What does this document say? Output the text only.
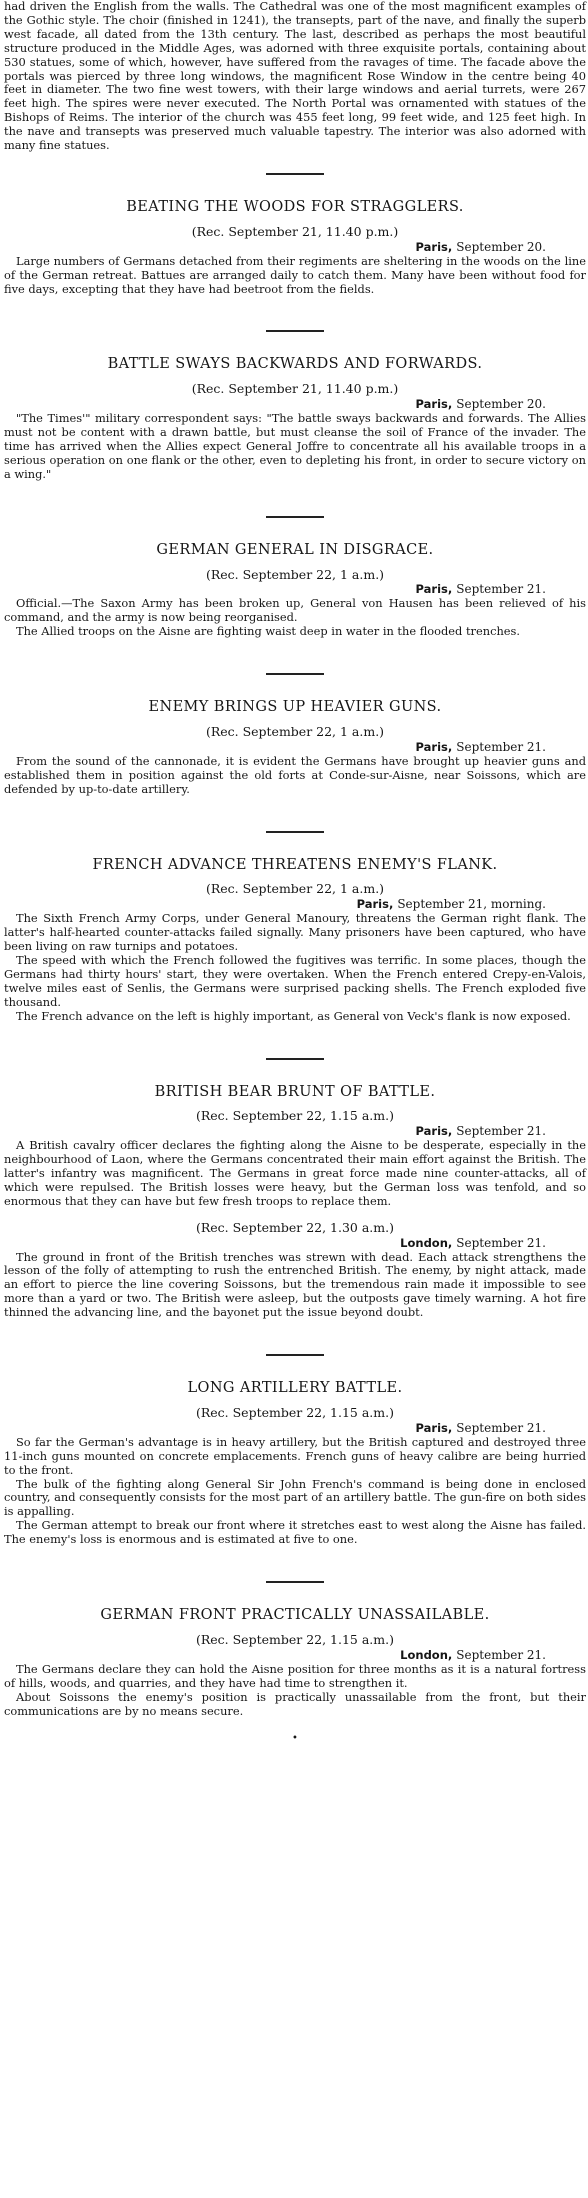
had driven the English from the walls. The Cathedral was one of the most magnificent examples of the Gothic style. The choir (finished in 1241), the transepts, part of the nave, and finally the superb west facade, all dated from the 13th century. The last, described as perhaps the most beautiful structure produced in the Middle Ages, was adorned with three exquisite portals, containing about 530 statues, some of which, however, have suffered from the ravages of time. The facade above the portals was pierced by three long windows, the magnificent Rose Window in the centre being 40 feet in diameter. The two fine west towers, with their large windows and aerial turrets, were 267 feet high. The spires were never executed. The North Portal was ornamented with statues of the Bishops of Reims. The interior of the church was 455 feet long, 99 feet wide, and 125 feet high. In the nave and transepts was preserved much valuable tapestry. The interior was also adorned with many fine statues.

BEATING THE WOODS FOR STRAGGLERS.
(Rec. September 21, 11.40 p.m.)

Paris, September 20.

Large numbers of Germans detached from their regiments are sheltering in the woods on the line of the German retreat. Battues are arranged daily to catch them. Many have been without food for five days, excepting that they have had beetroot from the fields.

BATTLE SWAYS BACKWARDS AND FORWARDS.
(Rec. September 21, 11.40 p.m.)

Paris, September 20.

"The Times'" military correspondent says: "The battle sways backwards and forwards. The Allies must not be content with a drawn battle, but must cleanse the soil of France of the invader. The time has arrived when the Allies expect General Joffre to concentrate all his available troops in a serious operation on one flank or the other, even to depleting his front, in order to secure victory on a wing."

GERMAN GENERAL IN DISGRACE.
(Rec. September 22, 1 a.m.)

Paris, September 21.

Official.—The Saxon Army has been broken up, General von Hausen has been relieved of his command, and the army is now being reorganised.

The Allied troops on the Aisne are fighting waist deep in water in the flooded trenches.

ENEMY BRINGS UP HEAVIER GUNS.
(Rec. September 22, 1 a.m.)

Paris, September 21.

From the sound of the cannonade, it is evident the Germans have brought up heavier guns and established them in position against the old forts at Conde-sur-Aisne, near Soissons, which are defended by up-to-date artillery.

FRENCH ADVANCE THREATENS ENEMY'S FLANK.
(Rec. September 22, 1 a.m.)

Paris, September 21, morning.

The Sixth French Army Corps, under General Manoury, threatens the German right flank. The latter's half-hearted counter-attacks failed signally. Many prisoners have been captured, who have been living on raw turnips and potatoes.

The speed with which the French followed the fugitives was terrific. In some places, though the Germans had thirty hours' start, they were overtaken. When the French entered Crepy-en-Valois, twelve miles east of Senlis, the Germans were surprised packing shells. The French exploded five thousand.

The French advance on the left is highly important, as General von Veck's flank is now exposed.

BRITISH BEAR BRUNT OF BATTLE.
(Rec. September 22, 1.15 a.m.)

Paris, September 21.

A British cavalry officer declares the fighting along the Aisne to be desperate, especially in the neighbourhood of Laon, where the Germans concentrated their main effort against the British. The latter's infantry was magnificent. The Germans in great force made nine counter-attacks, all of which were repulsed. The British losses were heavy, but the German loss was tenfold, and so enormous that they can have but few fresh troops to replace them.

(Rec. September 22, 1.30 a.m.)

London, September 21.

The ground in front of the British trenches was strewn with dead. Each attack strengthens the lesson of the folly of attempting to rush the entrenched British. The enemy, by night attack, made an effort to pierce the line covering Soissons, but the tremendous rain made it impossible to see more than a yard or two. The British were asleep, but the outposts gave timely warning. A hot fire thinned the advancing line, and the bayonet put the issue beyond doubt.

LONG ARTILLERY BATTLE.
(Rec. September 22, 1.15 a.m.)

Paris, September 21.

So far the German's advantage is in heavy artillery, but the British captured and destroyed three 11-inch guns mounted on concrete emplacements. French guns of heavy calibre are being hurried to the front.

The bulk of the fighting along General Sir John French's command is being done in enclosed country, and consequently consists for the most part of an artillery battle. The gun-fire on both sides is appalling.

The German attempt to break our front where it stretches east to west along the Aisne has failed. The enemy's loss is enormous and is estimated at five to one.

GERMAN FRONT PRACTICALLY UNASSAILABLE.
(Rec. September 22, 1.15 a.m.)

London, September 21.

The Germans declare they can hold the Aisne position for three months as it is a natural fortress of hills, woods, and quarries, and they have had time to strengthen it.

About Soissons the enemy's position is practically unassailable from the front, but their communications are by no means secure.

•
